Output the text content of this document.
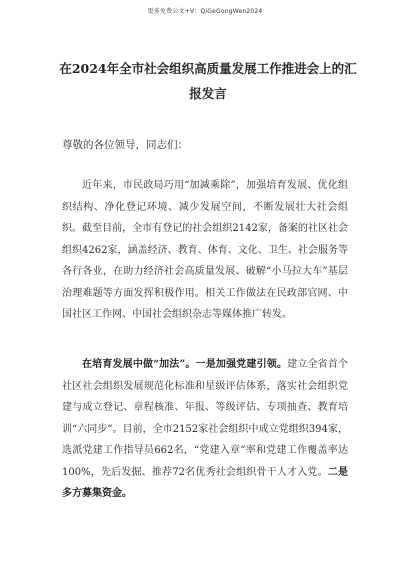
更多免费公文+V：QiGeGongWen2024
在2024年全市社会组织高质量发展工作推进会上的汇报发言

尊敬的各位领导，同志们：

近年来，市民政局巧用“加减乘除”，加强培育发展、优化组织结构、净化登记环境、减少发展空间，不断发展壮大社会组织。截至目前，全市有登记的社会组织2142家，备案的社区社会组织4262家，涵盖经济、教育、体育、文化、卫生、社会服务等各行各业，在助力经济社会高质量发展、破解“小马拉大车”基层治理难题等方面发挥积极作用。相关工作做法在民政部官网、中国社区工作网、中国社会组织杂志等媒体推广转发。

在培育发展中做“加法”。一是加强党建引领。建立全省首个社区社会组织发展规范化标准和星级评估体系，落实社会组织党建与成立登记、章程核准、年报、等级评估、专项抽查、教育培训“六同步”。目前，全市2152家社会组织中成立党组织394家，选派党建工作指导员662名，“党建入章”率和党建工作覆盖率达100%，先后发掘、推荐72名优秀社会组织骨干人才入党。二是多方募集资金。
